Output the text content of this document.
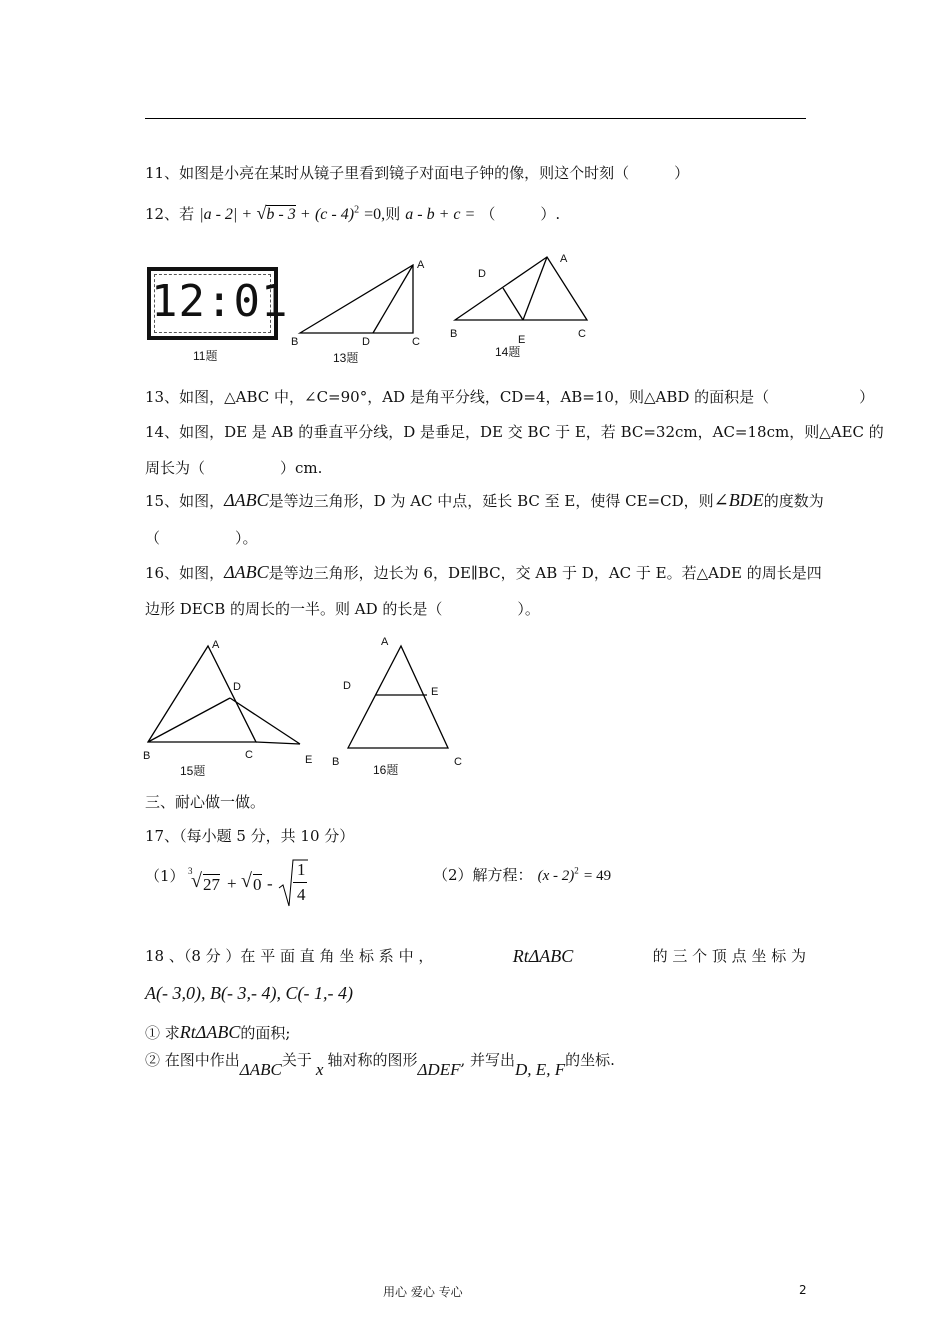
11、如图是小亮在某时从镜子里看到镜子对面电子钟的像，则这个时刻（　　　）
12、若 |a - 2| + √b - 3 + (c - 4)$^2$ =0,则 a - b + c = （　　　）.
12:01
11题
A
B	D	C
13题
A
D
B	E	C
14题
13、如图，△ABC 中，∠C=90°，AD 是角平分线，CD=4，AB=10，则△ABD 的面积是（　　　　　　）
14、如图，DE 是 AB 的垂直平分线，D 是垂足，DE 交 BC 于 E，若 BC=32cm，AC=18cm，则△AEC 的
周长为（　　　　　）cm.
15、如图，ΔABC是等边三角形，D 为 AC 中点，延长 BC 至 E，使得 CE=CD，则∠BDE的度数为
（　　　　　）。
16、如图，ΔABC是等边三角形，边长为 6，DE∥BC，交 AB 于 D，AC 于 E。若△ADE 的周长是四
边形 DECB 的周长的一半。则 AD 的长是（　　　　　）。
A
D
B	C	E
15题
A
D	E
B	C
16题
三、耐心做一做。
17、（每小题 5 分，共 10 分）
（1） 3
√ 27 + √ 0 -
1
4
（2）解方程： (x - 2)$^2$ = 49
18 、（8 分 ）在 平 面 直 角 坐 标 系 中 ，	RtΔABC	的 三 个 顶 点 坐 标 为
A(- 3,0), B(- 3,- 4), C(- 1,- 4)
① 求RtΔABC的面积;
② 在图中作出ΔABC关于 x 轴对称的图形ΔDEF, 并写出D, E, F的坐标.
用心 爱心 专心	2
